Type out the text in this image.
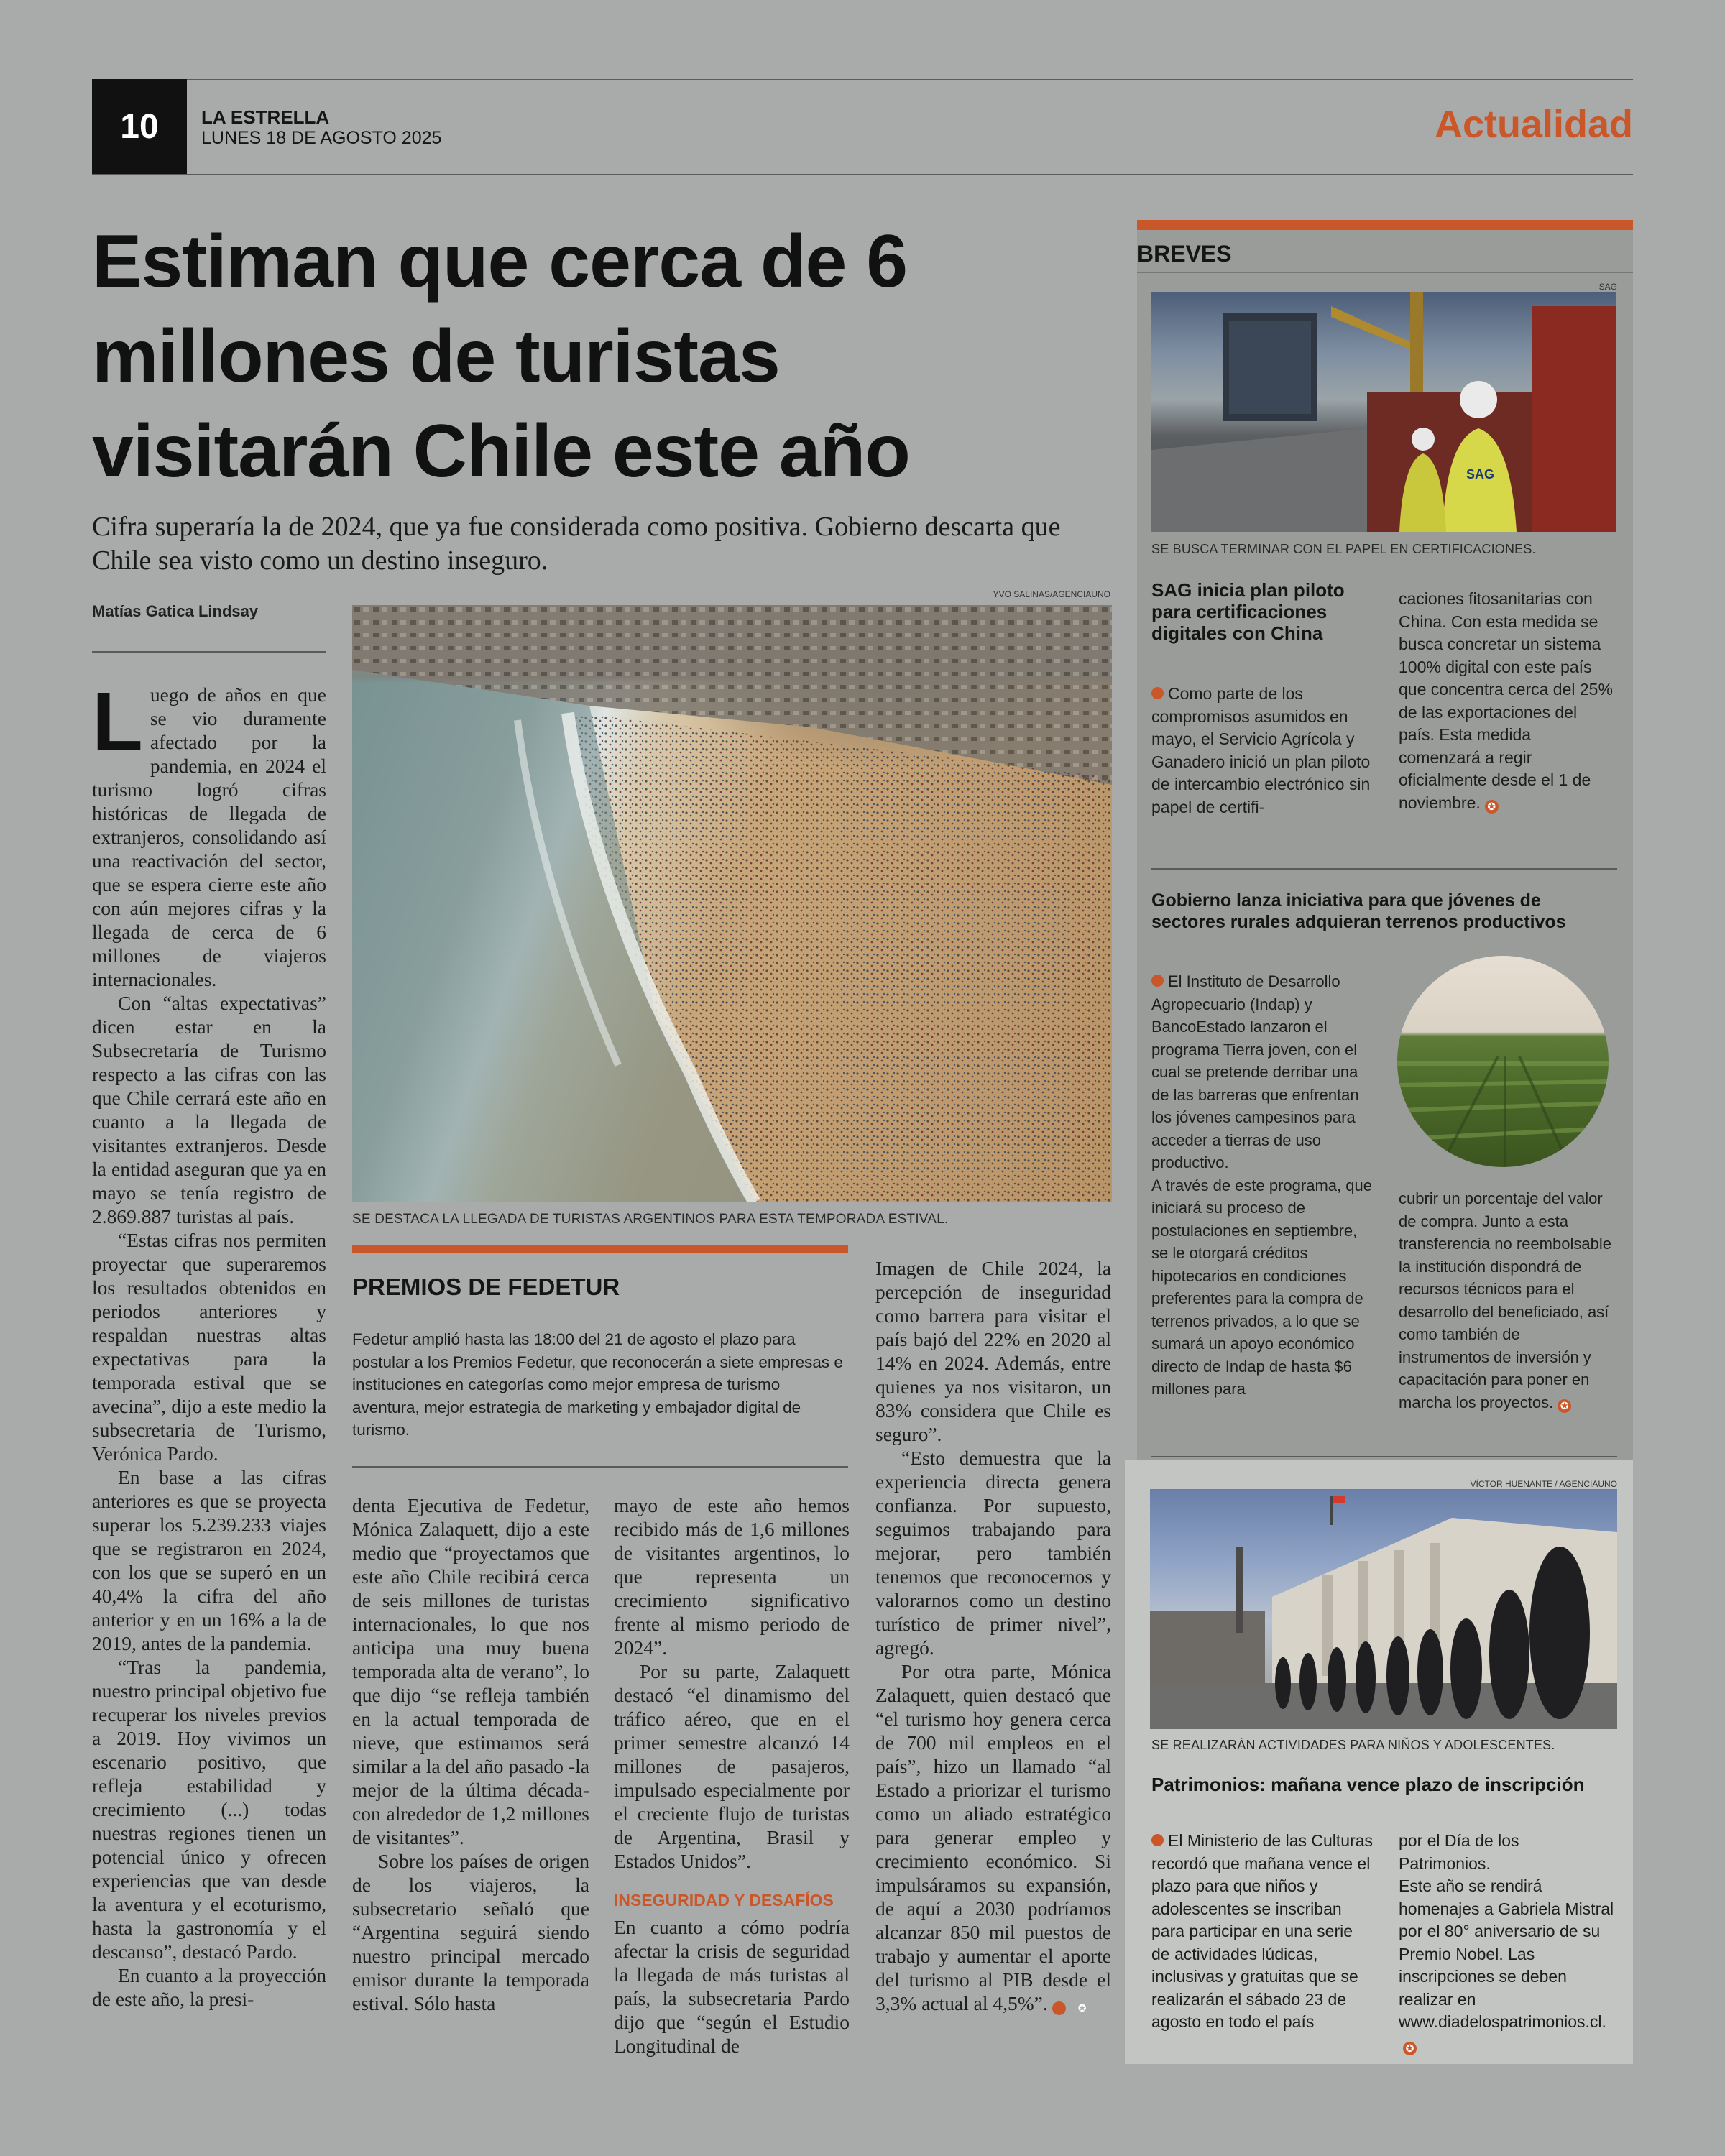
10	LA ESTRELLA
LUNES 18 DE AGOSTO 2025	Actualidad
Estiman que cerca de 6 millones de turistas visitarán Chile este año
Cifra superaría la de 2024, que ya fue considerada como positiva. Gobierno descarta que Chile sea visto como un destino inseguro.
Matías Gatica Lindsay
YVO SALINAS/AGENCIAUNO
SE DESTACA LA LLEGADA DE TURISTAS ARGENTINOS PARA ESTA TEMPORADA ESTIVAL.

Luego de años en que se vio duramente afectado por la pandemia, en 2024 el turismo logró cifras históricas de llegada de extranjeros, consolidando así una reactivación del sector, que se espera cierre este año con aún mejores cifras y la llegada de cerca de 6 millones de viajeros internacionales.

Con “altas expectativas” dicen estar en la Subsecretaría de Turismo respecto a las cifras con las que Chile cerrará este año en cuanto a la llegada de visitantes extranjeros. Desde la entidad aseguran que ya en mayo se tenía registro de 2.869.887 turistas al país.

“Estas cifras nos permiten proyectar que superaremos los resultados obtenidos en periodos anteriores y respaldan nuestras altas expectativas para la temporada estival que se avecina”, dijo a este medio la subsecretaria de Turismo, Verónica Pardo.

En base a las cifras anteriores es que se proyecta superar los 5.239.233 viajes que se registraron en 2024, con los que se superó en un 40,4% la cifra del año anterior y en un 16% a la de 2019, antes de la pandemia.

“Tras la pandemia, nuestro principal objetivo fue recuperar los niveles previos a 2019. Hoy vivimos un escenario positivo, que refleja estabilidad y crecimiento (...) todas nuestras regiones tienen un potencial único y ofrecen experiencias que van desde la aventura y el ecoturismo, hasta la gastronomía y el descanso”, destacó Pardo.

En cuanto a la proyección de este año, la presi-

PREMIOS DE FEDETUR
Fedetur amplió hasta las 18:00 del 21 de agosto el plazo para postular a los Premios Fedetur, que reconocerán a siete empresas e instituciones en categorías como mejor empresa de turismo aventura, mejor estrategia de marketing y embajador digital de turismo.

denta Ejecutiva de Fedetur, Mónica Zalaquett, dijo a este medio que “proyectamos que este año Chile recibirá cerca de seis millones de turistas internacionales, lo que nos anticipa una muy buena temporada alta de verano”, lo que dijo “se refleja también en la actual temporada de nieve, que estimamos será similar a la del año pasado -la mejor de la última década- con alrededor de 1,2 millones de visitantes”.

Sobre los países de origen de los viajeros, la subsecretario señaló que “Argentina seguirá siendo nuestro principal mercado emisor durante la temporada estival. Sólo hasta

mayo de este año hemos recibido más de 1,6 millones de visitantes argentinos, lo que representa un crecimiento significativo frente al mismo periodo de 2024”.

Por su parte, Zalaquett destacó “el dinamismo del tráfico aéreo, que en el primer semestre alcanzó 14 millones de pasajeros, impulsado especialmente por el creciente flujo de turistas de Argentina, Brasil y Estados Unidos”.

INSEGURIDAD Y DESAFÍOS

En cuanto a cómo podría afectar la crisis de seguridad la llegada de más turistas al país, la subsecretaria Pardo dijo que “según el Estudio Longitudinal de

Imagen de Chile 2024, la percepción de inseguridad como barrera para visitar el país bajó del 22% en 2020 al 14% en 2024. Además, entre quienes ya nos visitaron, un 83% considera que Chile es seguro”.

“Esto demuestra que la experiencia directa genera confianza. Por supuesto, seguimos trabajando para mejorar, pero también tenemos que reconocernos y valorarnos como un destino turístico de primer nivel”, agregó.

Por otra parte, Mónica Zalaquett, quien destacó que “el turismo hoy genera cerca de 700 mil empleos en el país”, hizo un llamado “al Estado a priorizar el turismo como un aliado estratégico para generar empleo y crecimiento económico. Si impulsáramos su expansión, de aquí a 2030 podríamos alcanzar 850 mil puestos de trabajo y aumentar el aporte del turismo al PIB desde el 3,3% actual al 4,5%”.	✪

BREVES
SAG
SAG
SE BUSCA TERMINAR CON EL PAPEL EN CERTIFICACIONES.
SAG inicia plan piloto para certificaciones digitales con China

Como parte de los compromisos asumidos en mayo, el Servicio Agrícola y Ganadero inició un plan piloto de intercambio electrónico sin papel de certifi-

caciones fitosanitarias con China. Con esta medida se busca concretar un sistema 100% digital con este país que concentra cerca del 25% de las exportaciones del país. Esta medida comenzará a regir oficialmente desde el 1 de noviembre. ✪

Gobierno lanza iniciativa para que jóvenes de sectores rurales adquieran terrenos productivos

El Instituto de Desarrollo Agropecuario (Indap) y BancoEstado lanzaron el programa Tierra joven, con el cual se pretende derribar una de las barreras que enfrentan los jóvenes campesinos para acceder a tierras de uso productivo.

A través de este programa, que iniciará su proceso de postulaciones en septiembre, se le otorgará créditos hipotecarios en condiciones preferentes para la compra de terrenos privados, a lo que se sumará un apoyo económico directo de Indap de hasta $6 millones para

cubrir un porcentaje del valor de compra. Junto a esta transferencia no reembolsable la institución dispondrá de recursos técnicos para el desarrollo del beneficiado, así como también de instrumentos de inversión y capacitación para poner en marcha los proyectos. ✪

VÍCTOR HUENANTE / AGENCIAUNO
SE REALIZARÁN ACTIVIDADES PARA NIÑOS Y ADOLESCENTES.
Patrimonios: mañana vence plazo de inscripción

El Ministerio de las Culturas recordó que mañana vence el plazo para que niños y adolescentes se inscriban para participar en una serie de actividades lúdicas, inclusivas y gratuitas que se realizarán el sábado 23 de agosto en todo el país

por el Día de los Patrimonios.

Este año se rendirá homenajes a Gabriela Mistral por el 80° aniversario de su Premio Nobel. Las inscripciones se deben realizar en www.diadelospatrimonios.cl.✪
